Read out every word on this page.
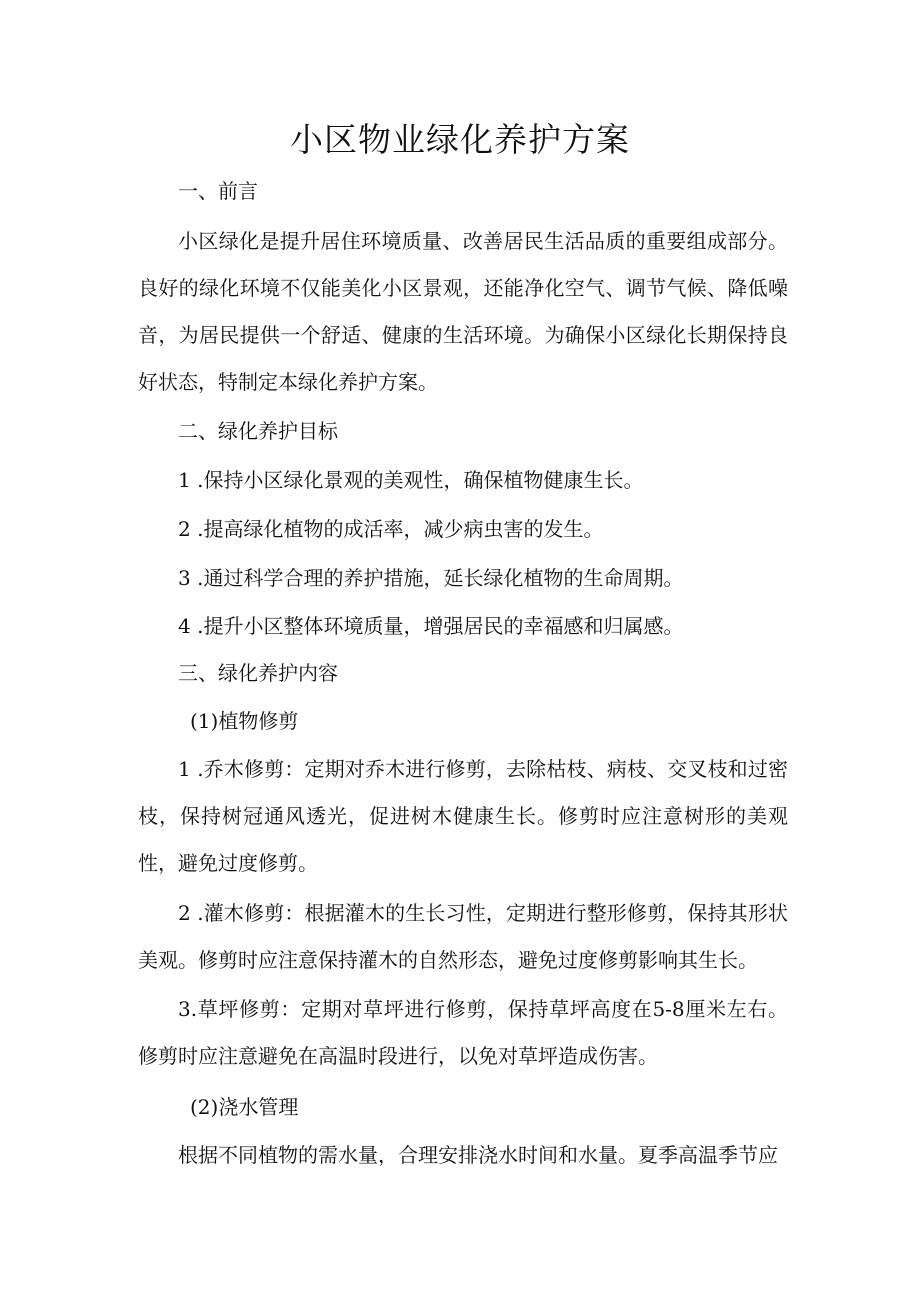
小区物业绿化养护方案

一、前言

小区绿化是提升居住环境质量、改善居民生活品质的重要组成部分。良好的绿化环境不仅能美化小区景观，还能净化空气、调节气候、降低噪音，为居民提供一个舒适、健康的生活环境。为确保小区绿化长期保持良好状态，特制定本绿化养护方案。

二、绿化养护目标

1 .保持小区绿化景观的美观性，确保植物健康生长。

2 .提高绿化植物的成活率，减少病虫害的发生。

3 .通过科学合理的养护措施，延长绿化植物的生命周期。

4 .提升小区整体环境质量，增强居民的幸福感和归属感。

三、绿化养护内容

(1)植物修剪

1 .乔木修剪：定期对乔木进行修剪，去除枯枝、病枝、交叉枝和过密枝，保持树冠通风透光，促进树木健康生长。修剪时应注意树形的美观性，避免过度修剪。

2 .灌木修剪：根据灌木的生长习性，定期进行整形修剪，保持其形状美观。修剪时应注意保持灌木的自然形态，避免过度修剪影响其生长。

3.草坪修剪：定期对草坪进行修剪，保持草坪高度在5-8厘米左右。修剪时应注意避免在高温时段进行，以免对草坪造成伤害。

(2)浇水管理

根据不同植物的需水量，合理安排浇水时间和水量。夏季高温季节应
